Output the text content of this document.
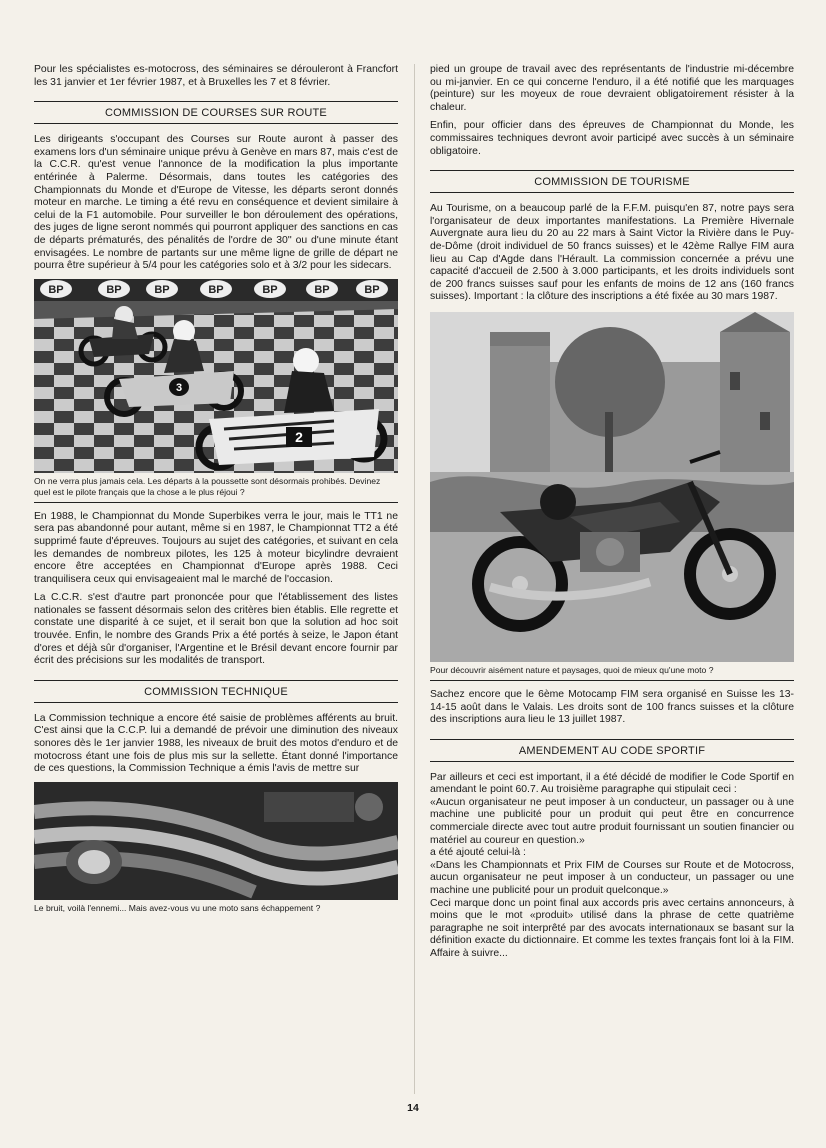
Pour les spécialistes es-motocross, des séminaires se dérouleront à Francfort les 31 janvier et 1er février 1987, et à Bruxelles les 7 et 8 février.

COMMISSION DE COURSES SUR ROUTE

Les dirigeants s'occupant des Courses sur Route auront à passer des examens lors d'un séminaire unique prévu à Genève en mars 87, mais c'est de la C.C.R. qu'est venue l'annonce de la modification la plus importante entérinée à Palerme. Désormais, dans toutes les catégories des Championnats du Monde et d'Europe de Vitesse, les départs seront donnés moteur en marche. Le timing a été revu en conséquence et devient similaire à celui de la F1 automobile. Pour surveiller le bon déroulement des opérations, des juges de ligne seront nommés qui pourront appliquer des sanctions en cas de départs prématurés, des pénalités de l'ordre de 30'' ou d'une minute étant envisagées. Le nombre de partants sur une même ligne de grille de départ ne pourra être supérieur à 5/4 pour les catégories solo et à 3/2 pour les sidecars.

BP	BP	BP	BP	BP	BP	BP
3
2
On ne verra plus jamais cela. Les départs à la poussette sont désormais prohibés. Devinez quel est le pilote français que la chose a le plus réjoui ?

En 1988, le Championnat du Monde Superbikes verra le jour, mais le TT1 ne sera pas abandonné pour autant, même si en 1987, le Championnat TT2 a été supprimé faute d'épreuves. Toujours au sujet des catégories, et suivant en cela les demandes de nombreux pilotes, les 125 à moteur bicylindre devraient encore être acceptées en Championnat d'Europe après 1988. Ceci tranquilisera ceux qui envisageaient mal le marché de l'occasion.

La C.C.R. s'est d'autre part prononcée pour que l'établissement des listes nationales se fassent désormais selon des critères bien établis. Elle regrette et constate une disparité à ce sujet, et il serait bon que la solution ad hoc soit trouvée. Enfin, le nombre des Grands Prix a été portés à seize, le Japon étant d'ores et déjà sûr d'organiser, l'Argentine et le Brésil devant encore fournir par écrit des précisions sur les modalités de transport.

COMMISSION TECHNIQUE

La Commission technique a encore été saisie de problèmes afférents au bruit. C'est ainsi que la C.C.P. lui a demandé de prévoir une diminution des niveaux sonores dès le 1er janvier 1988, les niveaux de bruit des motos d'enduro et de motocross étant une fois de plus mis sur la sellette. Étant donné l'importance de ces questions, la Commission Technique a émis l'avis de mettre sur

Le bruit, voilà l'ennemi... Mais avez-vous vu une moto sans échappement ?

pied un groupe de travail avec des représentants de l'industrie mi-décembre ou mi-janvier. En ce qui concerne l'enduro, il a été notifié que les marquages (peinture) sur les moyeux de roue devraient obligatoirement résister à la chaleur.

Enfin, pour officier dans des épreuves de Championnat du Monde, les commissaires techniques devront avoir participé avec succès à un séminaire obligatoire.

COMMISSION DE TOURISME

Au Tourisme, on a beaucoup parlé de la F.F.M. puisqu'en 87, notre pays sera l'organisateur de deux importantes manifestations. La Première Hivernale Auvergnate aura lieu du 20 au 22 mars à Saint Victor la Rivière dans le Puy-de-Dôme (droit individuel de 50 francs suisses) et le 42ème Rallye FIM aura lieu au Cap d'Agde dans l'Hérault. La commission concernée a prévu une capacité d'accueil de 2.500 à 3.000 participants, et les droits individuels sont de 200 francs suisses sauf pour les enfants de moins de 12 ans (160 francs suisses). Important : la clôture des inscriptions a été fixée au 30 mars 1987.

Pour découvrir aisément nature et paysages, quoi de mieux qu'une moto ?

Sachez encore que le 6ème Motocamp FIM sera organisé en Suisse les 13-14-15 août dans le Valais. Les droits sont de 100 francs suisses et la clôture des inscriptions aura lieu le 13 juillet 1987.

AMENDEMENT AU CODE SPORTIF

Par ailleurs et ceci est important, il a été décidé de modifier le Code Sportif en amendant le point 60.7. Au troisième paragraphe qui stipulait ceci :

«Aucun organisateur ne peut imposer à un conducteur, un passager ou à une machine une publicité pour un produit qui peut être en concurrence commerciale directe avec tout autre produit fournissant un soutien financier ou matériel au coureur en question.»

a été ajouté celui-là :

«Dans les Championnats et Prix FIM de Courses sur Route et de Motocross, aucun organisateur ne peut imposer à un conducteur, un passager ou une machine une publicité pour un produit quelconque.»

Ceci marque donc un point final aux accords pris avec certains annonceurs, à moins que le mot «produit» utilisé dans la phrase de cette quatrième paragraphe ne soit interprêté par des avocats internationaux se basant sur la définition exacte du dictionnaire. Et comme les textes français font loi à la FIM. Affaire à suivre...

14
